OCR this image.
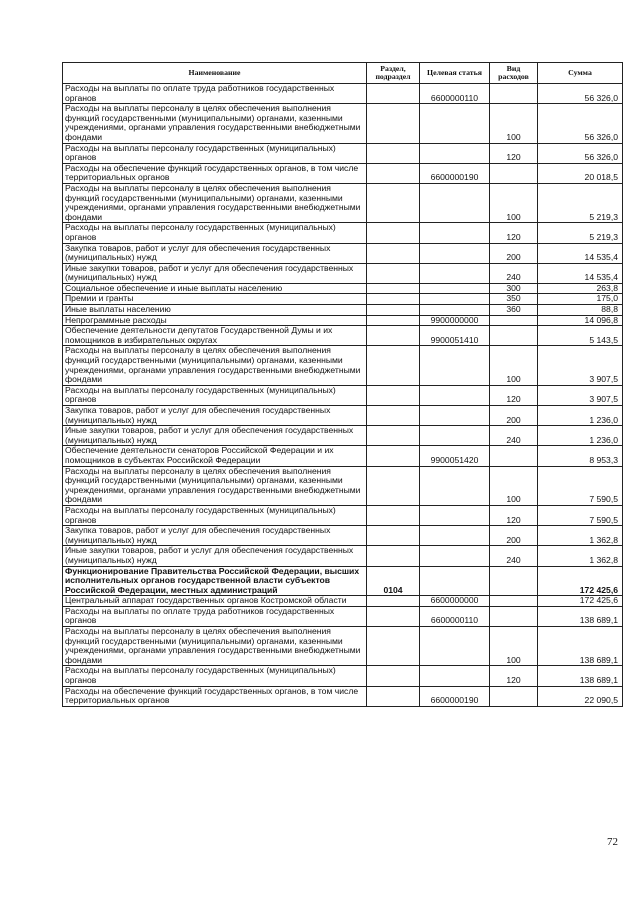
Наименование	Раздел, подраздел	Целевая статья	Вид расходов	Сумма
Расходы на выплаты по оплате труда работников государственных органов		6600000110		56 326,0
Расходы на выплаты персоналу в целях обеспечения выполнения функций государственными (муниципальными) органами, казенными учреждениями, органами управления государственными внебюджетными фондами			100	56 326,0
Расходы на выплаты персоналу государственных (муниципальных) органов			120	56 326,0
Расходы на обеспечение функций государственных органов, в том числе территориальных органов		6600000190		20 018,5
Расходы на выплаты персоналу в целях обеспечения выполнения функций государственными (муниципальными) органами, казенными учреждениями, органами управления государственными внебюджетными фондами			100	5 219,3
Расходы на выплаты персоналу государственных (муниципальных) органов			120	5 219,3
Закупка товаров, работ и услуг для обеспечения государственных (муниципальных) нужд			200	14 535,4
Иные закупки товаров, работ и услуг для обеспечения государственных (муниципальных) нужд			240	14 535,4
Социальное обеспечение и иные выплаты населению			300	263,8
Премии и гранты			350	175,0
Иные выплаты населению			360	88,8
Непрограммные расходы		9900000000		14 096,8
Обеспечение деятельности депутатов Государственной Думы и их помощников в избирательных округах		9900051410		5 143,5
Расходы на выплаты персоналу в целях обеспечения выполнения функций государственными (муниципальными) органами, казенными учреждениями, органами управления государственными внебюджетными фондами			100	3 907,5
Расходы на выплаты персоналу государственных (муниципальных) органов			120	3 907,5
Закупка товаров, работ и услуг для обеспечения государственных (муниципальных) нужд			200	1 236,0
Иные закупки товаров, работ и услуг для обеспечения государственных (муниципальных) нужд			240	1 236,0
Обеспечение деятельности сенаторов Российской Федерации и их помощников в субъектах Российской Федерации		9900051420		8 953,3
Расходы на выплаты персоналу в целях обеспечения выполнения функций государственными (муниципальными) органами, казенными учреждениями, органами управления государственными внебюджетными фондами			100	7 590,5
Расходы на выплаты персоналу государственных (муниципальных) органов			120	7 590,5
Закупка товаров, работ и услуг для обеспечения государственных (муниципальных) нужд			200	1 362,8
Иные закупки товаров, работ и услуг для обеспечения государственных (муниципальных) нужд			240	1 362,8
Функционирование Правительства Российской Федерации, высших исполнительных органов государственной власти субъектов Российской Федерации, местных администраций	0104			172 425,6
Центральный аппарат государственных органов Костромской области		6600000000		172 425,6
Расходы на выплаты по оплате труда работников государственных органов		6600000110		138 689,1
Расходы на выплаты персоналу в целях обеспечения выполнения функций государственными (муниципальными) органами, казенными учреждениями, органами управления государственными внебюджетными фондами			100	138 689,1
Расходы на выплаты персоналу государственных (муниципальных) органов			120	138 689,1
Расходы на обеспечение функций государственных органов, в том числе территориальных органов		6600000190		22 090,5
72
